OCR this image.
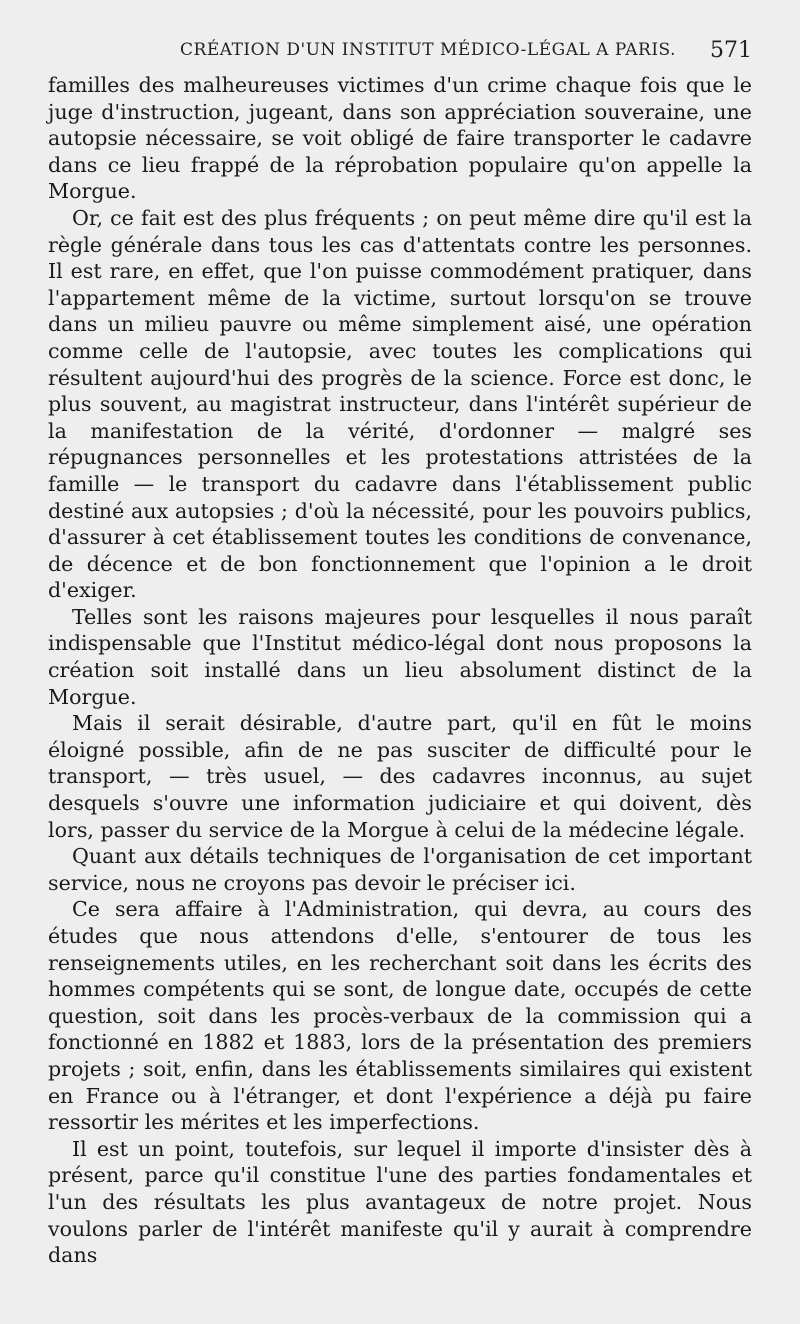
CRÉATION D'UN INSTITUT MÉDICO-LÉGAL A PARIS. 571

familles des malheureuses victimes d'un crime chaque fois que le juge d'instruction, jugeant, dans son appréciation souveraine, une autopsie nécessaire, se voit obligé de faire transporter le cadavre dans ce lieu frappé de la réprobation populaire qu'on appelle la Morgue.

Or, ce fait est des plus fréquents ; on peut même dire qu'il est la règle générale dans tous les cas d'attentats contre les personnes. Il est rare, en effet, que l'on puisse commodément pratiquer, dans l'appartement même de la victime, surtout lorsqu'on se trouve dans un milieu pauvre ou même simplement aisé, une opération comme celle de l'autopsie, avec toutes les complications qui résultent aujourd'hui des progrès de la science. Force est donc, le plus souvent, au magistrat instructeur, dans l'intérêt supérieur de la manifestation de la vérité, d'ordonner — malgré ses répugnances personnelles et les protestations attristées de la famille — le transport du cadavre dans l'établissement public destiné aux autopsies ; d'où la nécessité, pour les pouvoirs publics, d'assurer à cet établissement toutes les conditions de convenance, de décence et de bon fonctionnement que l'opinion a le droit d'exiger.

Telles sont les raisons majeures pour lesquelles il nous paraît indispensable que l'Institut médico-légal dont nous proposons la création soit installé dans un lieu absolument distinct de la Morgue.

Mais il serait désirable, d'autre part, qu'il en fût le moins éloigné possible, afin de ne pas susciter de difficulté pour le transport, — très usuel, — des cadavres inconnus, au sujet desquels s'ouvre une information judiciaire et qui doivent, dès lors, passer du service de la Morgue à celui de la médecine légale.

Quant aux détails techniques de l'organisation de cet important service, nous ne croyons pas devoir le préciser ici.

Ce sera affaire à l'Administration, qui devra, au cours des études que nous attendons d'elle, s'entourer de tous les renseignements utiles, en les recherchant soit dans les écrits des hommes compétents qui se sont, de longue date, occupés de cette question, soit dans les procès-verbaux de la commission qui a fonctionné en 1882 et 1883, lors de la présentation des premiers projets ; soit, enfin, dans les établissements similaires qui existent en France ou à l'étranger, et dont l'expérience a déjà pu faire ressortir les mérites et les imperfections.

Il est un point, toutefois, sur lequel il importe d'insister dès à présent, parce qu'il constitue l'une des parties fondamentales et l'un des résultats les plus avantageux de notre projet. Nous voulons parler de l'intérêt manifeste qu'il y aurait à comprendre dans
